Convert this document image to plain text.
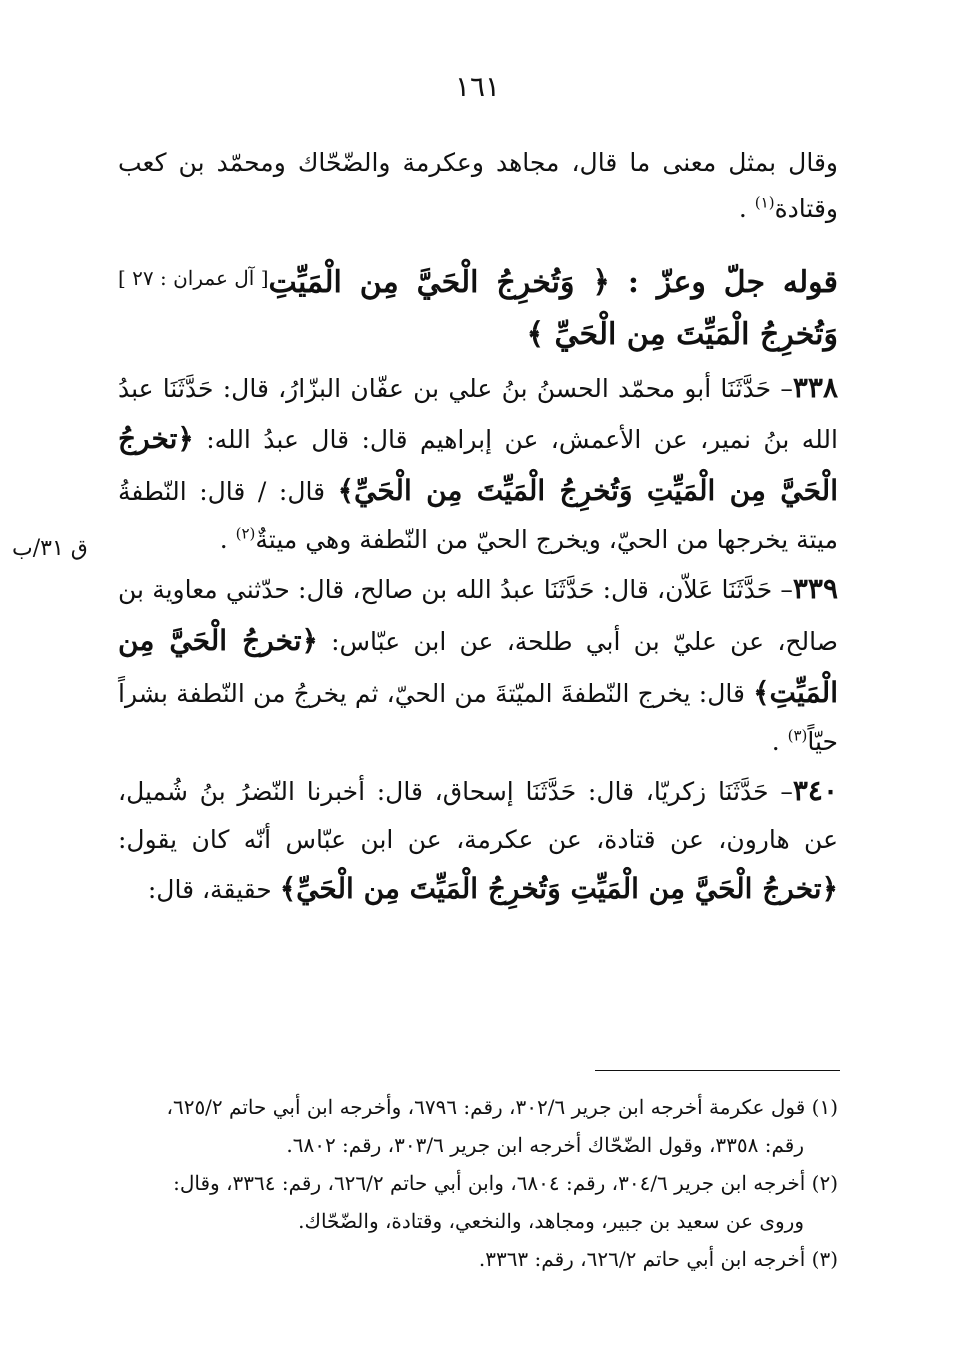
١٦١
ق ٣١/ب

وقال بمثل معنى ما قال، مجاهد وعكرمة والضّحّاك ومحمّد بن كعب وقتادة$^{(١)}$ .

[ آل عمران : ٢٧ ]	قوله جلّ وعزّ : ﴿ وَتُخرِجُ الْحَيَّ مِن الْمَيِّتِ وَتُخرِجُ الْمَيِّتَ مِن الْحَيِّ ﴾

٣٣٨– حَدَّثَنَا أبو محمّد الحسنُ بنُ علي بن عفّان البزّارُ، قال: حَدَّثَنَا عبدُ الله بنُ نمير، عن الأعمش، عن إبراهيم قال: قال عبدُ الله: ﴿تخرجُ الْحَيَّ مِن الْمَيِّتِ وَتُخرِجُ الْمَيِّتَ مِن الْحَيِّ﴾ قال: / قال: النّطفةُ ميتة يخرجها من الحيّ، ويخرج الحيّ من النّطفة وهي ميتةٌ$^{(٢)}$ .

٣٣٩– حَدَّثَنَا عَلاّن، قال: حَدَّثَنَا عبدُ الله بن صالح، قال: حدّثني معاوية بن صالح، عن عليّ بن أبي طلحة، عن ابن عبّاس: ﴿تخرجُ الْحَيَّ مِن الْمَيِّتِ﴾ قال: يخرج النّطفةَ الميّتةَ من الحيّ، ثم يخرجُ من النّطفة بشراً حيّاً$^{(٣)}$ .

٣٤٠– حَدَّثَنَا زكريّا، قال: حَدَّثَنَا إسحاق، قال: أخبرنا النّضرُ بنُ شُميل، عن هارون، عن قتادة، عن عكرمة، عن ابن عبّاس أنّه كان يقول: ﴿تخرجُ الْحَيَّ مِن الْمَيِّتِ وَتُخرِجُ الْمَيِّتَ مِن الْحَيِّ﴾ حقيقة، قال:

(١) قول عكرمة أخرجه ابن جرير ٣٠٢/٦، رقم: ٦٧٩٦، وأخرجه ابن أبي حاتم ٦٢٥/٢،

رقم: ٣٣٥٨، وقول الضّحّاك أخرجه ابن جرير ٣٠٣/٦، رقم: ٦٨٠٢.

(٢) أخرجه ابن جرير ٣٠٤/٦، رقم: ٦٨٠٤، وابن أبي حاتم ٦٢٦/٢، رقم: ٣٣٦٤، وقال:

وروى عن سعيد بن جبير، ومجاهد، والنخعي، وقتادة، والضّحّاك.

(٣) أخرجه ابن أبي حاتم ٦٢٦/٢، رقم: ٣٣٦٣.
